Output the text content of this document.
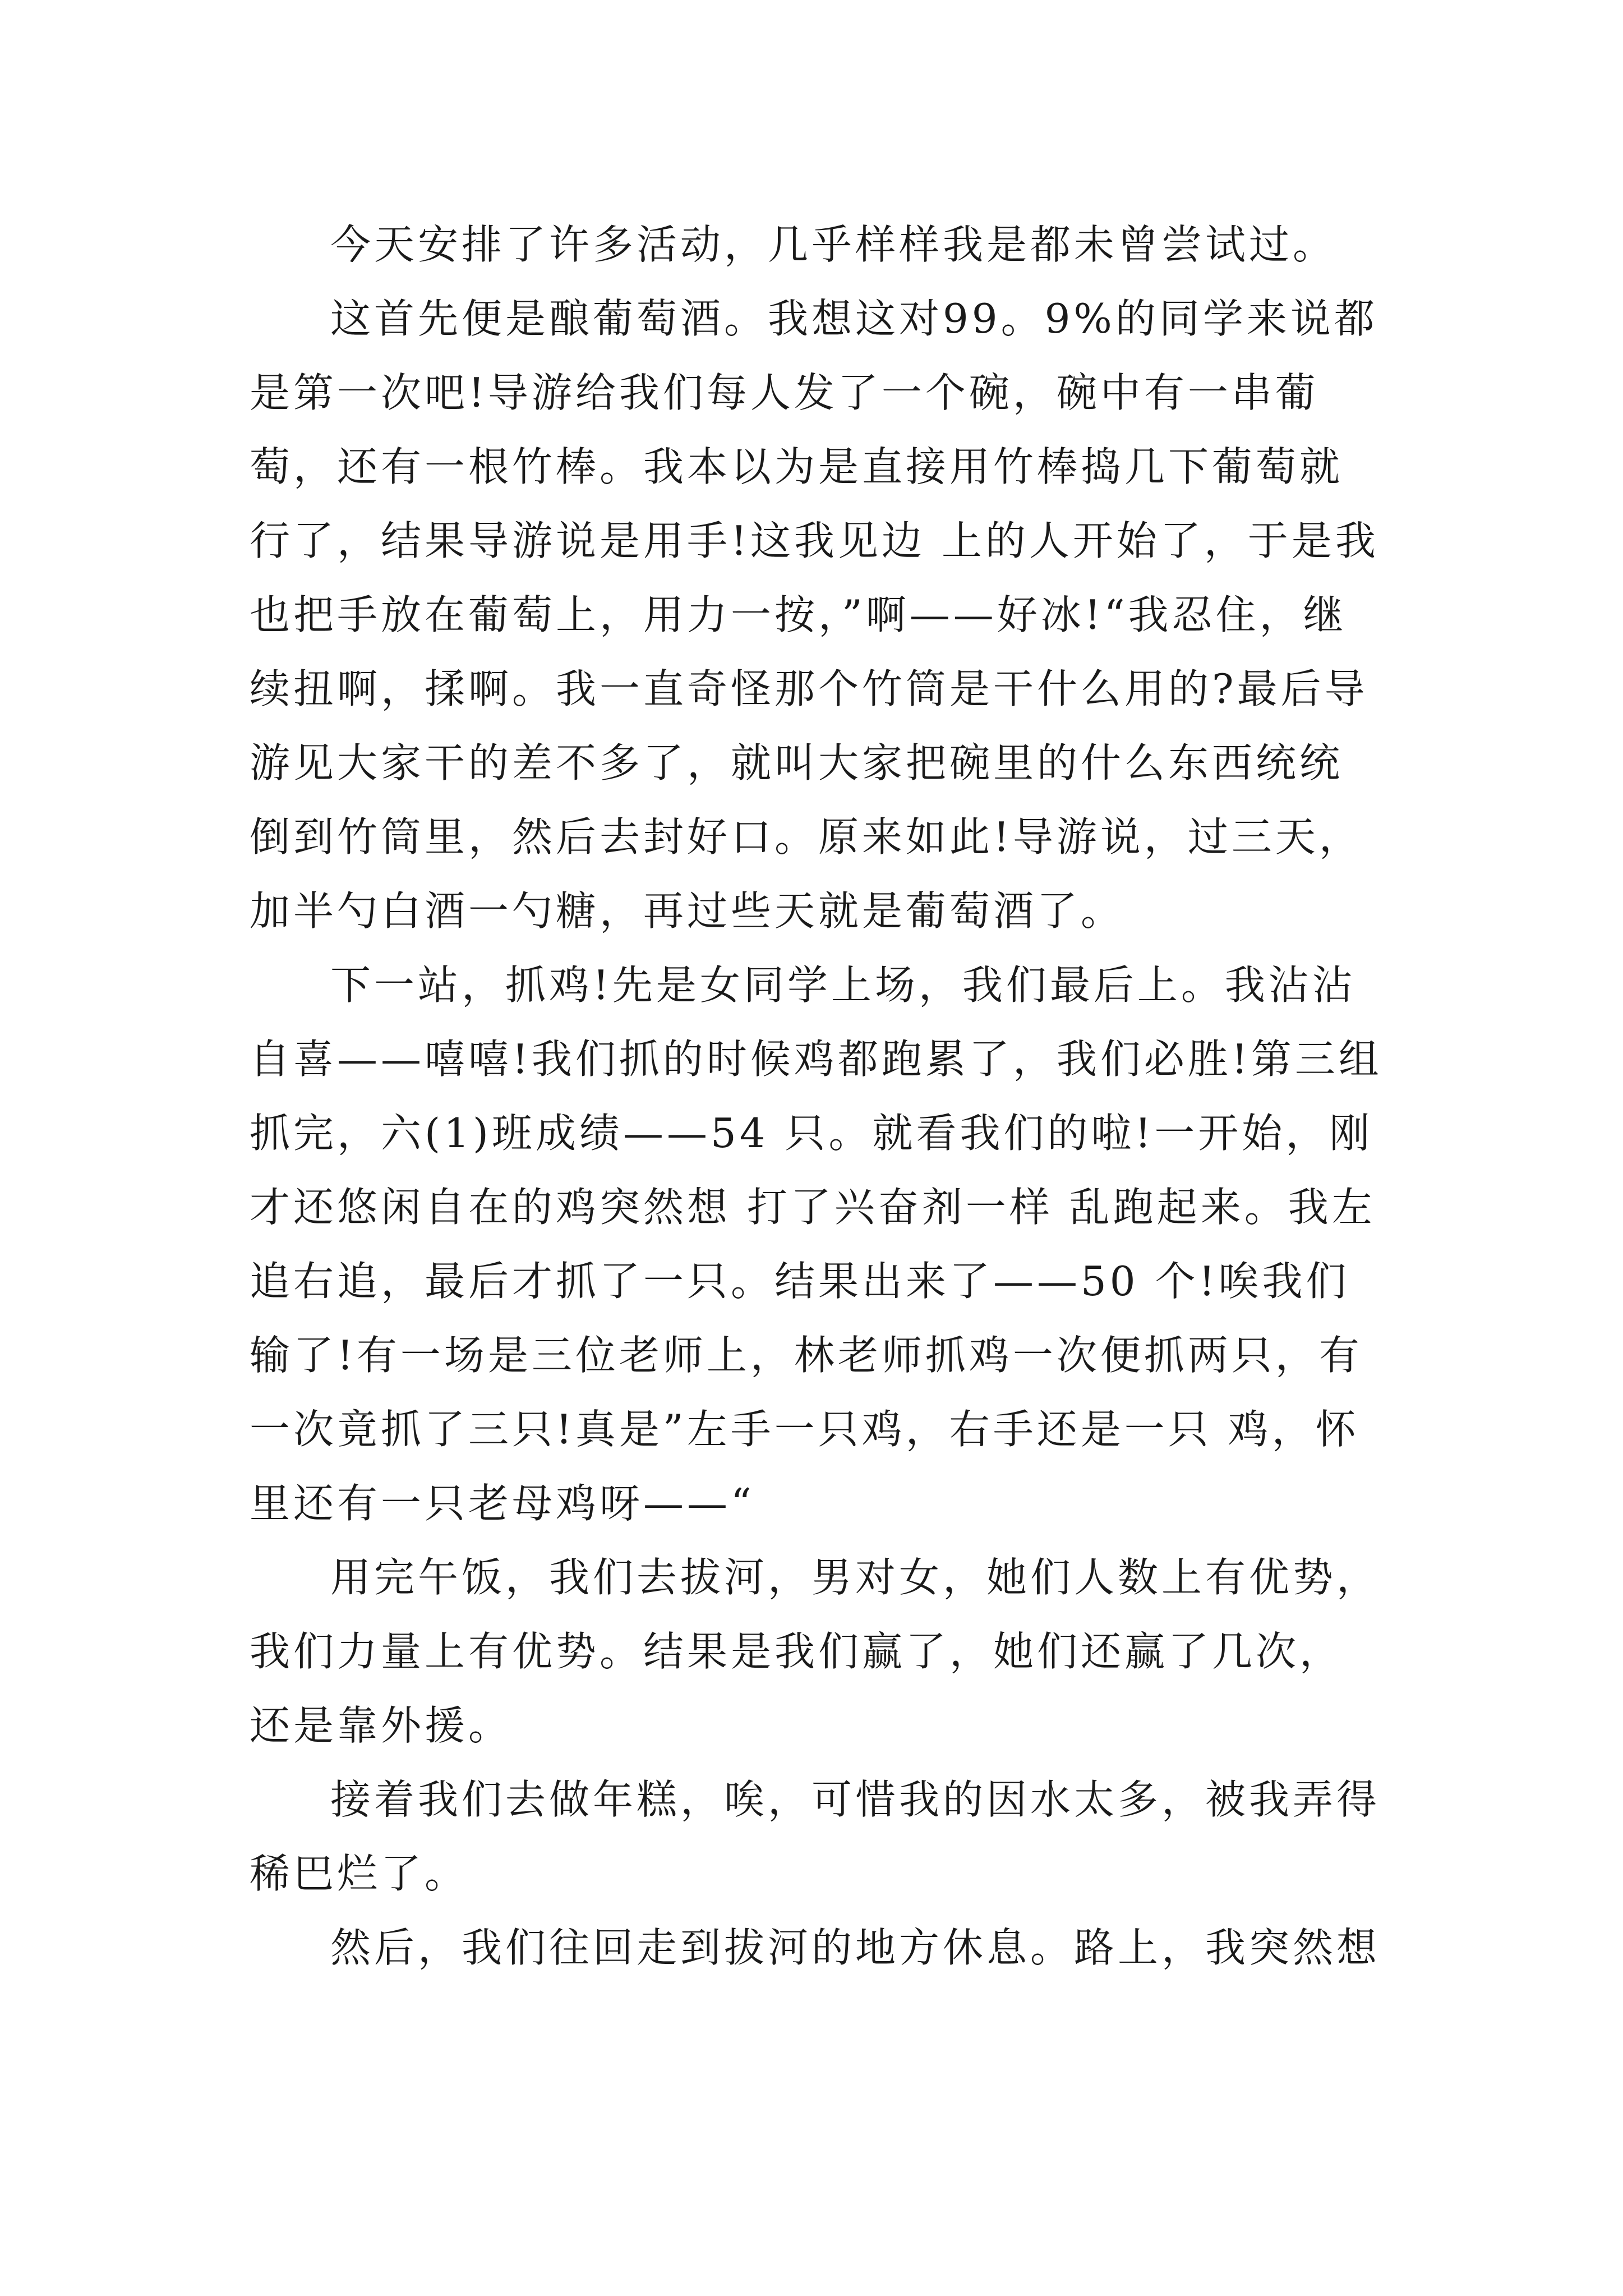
今天安排了许多活动，几乎样样我是都未曾尝试过。

这首先便是酿葡萄酒。我想这对99。9%的同学来说都是第一次吧!导游给我们每人发了一个碗，碗中有一串葡萄，还有一根竹棒。我本以为是直接用竹棒捣几下葡萄就行了，结果导游说是用手!这我见边 上的人开始了，于是我也把手放在葡萄上，用力一按，”啊——好冰!“我忍住，继续扭啊，揉啊。我一直奇怪那个竹筒是干什么用的?最后导游见大家干的差不多了，就叫大家把碗里的什么东西统统 倒到竹筒里，然后去封好口。原来如此!导游说，过三天，加半勺白酒一勺糖，再过些天就是葡萄酒了。

下一站，抓鸡!先是女同学上场，我们最后上。我沾沾自喜——嘻嘻!我们抓的时候鸡都跑累了，我们必胜!第三组抓完，六(1)班成绩——54 只。就看我们的啦!一开始，刚才还悠闲自在的鸡突然想 打了兴奋剂一样 乱跑起来。我左追右追，最后才抓了一只。结果出来了——50 个!唉我们输了!有一场是三位老师上，林老师抓鸡一次便抓两只，有一次竟抓了三只!真是”左手一只鸡，右手还是一只 鸡，怀里还有一只老母鸡呀——“

用完午饭，我们去拔河，男对女，她们人数上有优势，我们力量上有优势。结果是我们赢了，她们还赢了几次，还是靠外援。

接着我们去做年糕，唉，可惜我的因水太多，被我弄得稀巴烂了。

然后，我们往回走到拔河的地方休息。路上，我突然想
